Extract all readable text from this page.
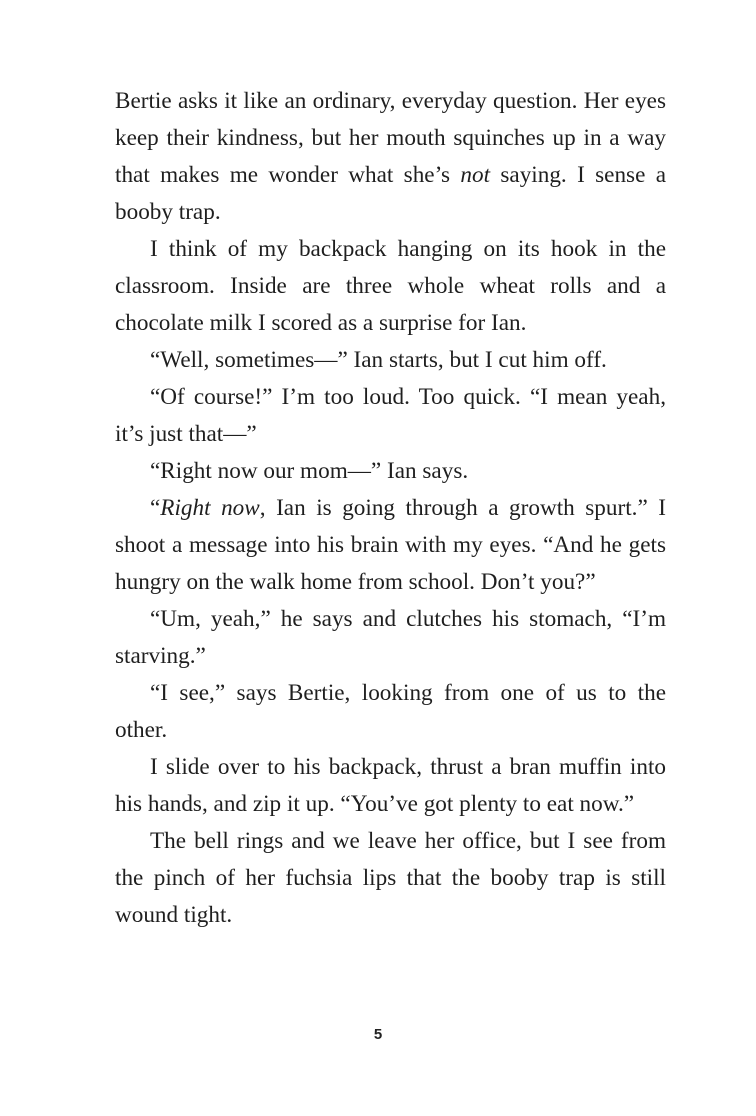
Bertie asks it like an ordinary, everyday question. Her eyes keep their kindness, but her mouth squinches up in a way that makes me wonder what she’s not saying. I sense a booby trap.

I think of my backpack hanging on its hook in the classroom. Inside are three whole wheat rolls and a chocolate milk I scored as a surprise for Ian.

“Well, sometimes—” Ian starts, but I cut him off.

“Of course!” I’m too loud. Too quick. “I mean yeah, it’s just that—”

“Right now our mom—” Ian says.

“Right now, Ian is going through a growth spurt.” I shoot a message into his brain with my eyes. “And he gets hungry on the walk home from school. Don’t you?”

“Um, yeah,” he says and clutches his stomach, “I’m starving.”

“I see,” says Bertie, looking from one of us to the other.

I slide over to his backpack, thrust a bran muffin into his hands, and zip it up. “You’ve got plenty to eat now.”

The bell rings and we leave her office, but I see from the pinch of her fuchsia lips that the booby trap is still wound tight.

5
